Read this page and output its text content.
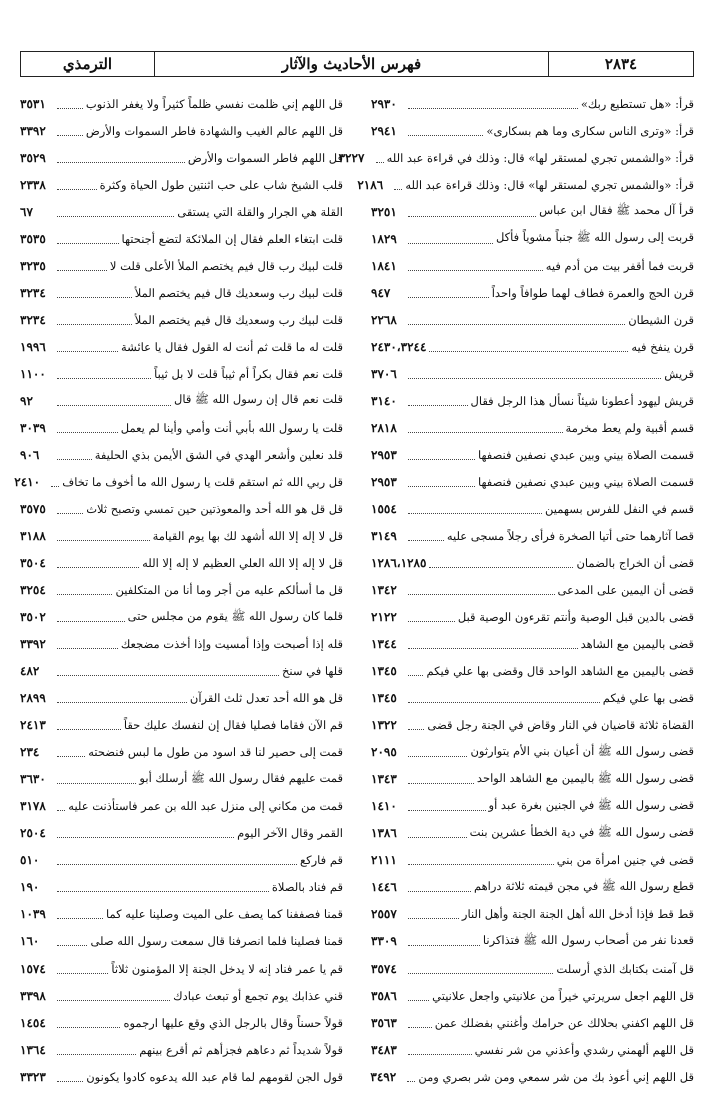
الترمذي	فهرس الأحاديث والآثار	٢٨٣٤
قرأ: «هل تستطيع ربك»
٢٩٣٠
قرأ: «وترى الناس سكارى وما هم بسكارى»
٢٩٤١
قرأ: «والشمس تجري لمستقر لها» قال: وذلك في قراءة عبد الله
٣٢٢٧
قرأ: «والشمس تجري لمستقر لها» قال: وذلك قراءة عبد الله
٢١٨٦
قرأ آل محمد ﷺ فقال ابن عباس
٣٢٥١
قربت إلى رسول الله ﷺ جنباً مشوياً فأكل
١٨٢٩
قربت فما أقفر بيت من أدم فيه
١٨٤١
قرن الحج والعمرة فطاف لهما طوافاً واحداً
٩٤٧
قرن الشيطان
٢٢٦٨
قرن ينفخ فيه
٢٤٣٠،٣٢٤٤
قريش
٣٧٠٦
قريش ليهود أعطونا شيئاً نسأل هذا الرجل فقال
٣١٤٠
قسم أقبية ولم يعط مخرمة
٢٨١٨
قسمت الصلاة بيني وبين عبدي نصفين فنصفها
٢٩٥٣
قسمت الصلاة بيني وبين عبدي نصفين فنصفها
٢٩٥٣
قسم في النفل للفرس بسهمين
١٥٥٤
قصا آثارهما حتى أتيا الصخرة فرأى رجلاً مسجى عليه
٣١٤٩
قضى أن الخراج بالضمان
١٢٨٦،١٢٨٥
قضى أن اليمين على المدعى
١٣٤٢
قضى بالدين قبل الوصية وأنتم تقرءون الوصية قبل
٢١٢٢
قضى باليمين مع الشاهد
١٣٤٤
قضى باليمين مع الشاهد الواحد قال وقضى بها علي فيكم
١٣٤٥
قضى بها علي فيكم
١٣٤٥
القضاة ثلاثة قاضيان في النار وقاض في الجنة رجل قضى
١٣٢٢
قضى رسول الله ﷺ أن أعيان بني الأم يتوارثون
٢٠٩٥
قضى رسول الله ﷺ باليمين مع الشاهد الواحد
١٣٤٣
قضى رسول الله ﷺ في الجنين بغرة عبد أو
١٤١٠
قضى رسول الله ﷺ في دية الخطأ عشرين بنت
١٣٨٦
قضى في جنين امرأة من بني
٢١١١
قطع رسول الله ﷺ في مجن قيمته ثلاثة دراهم
١٤٤٦
قط قط فإذا أدخل الله أهل الجنة الجنة وأهل النار
٢٥٥٧
قعدنا نفر من أصحاب رسول الله ﷺ فتذاكرنا
٣٣٠٩
قل آمنت بكتابك الذي أرسلت
٣٥٧٤
قل اللهم اجعل سريرتي خيراً من علانيتي واجعل علانيتي
٣٥٨٦
قل اللهم اكفني بحلالك عن حرامك وأغنني بفضلك عمن
٣٥٦٣
قل اللهم ألهمني رشدي وأعذني من شر نفسي
٣٤٨٣
قل اللهم إني أعوذ بك من شر سمعي ومن شر بصري ومن
٣٤٩٢
قل اللهم إني ظلمت نفسي ظلماً كثيراً ولا يغفر الذنوب
٣٥٣١
قل اللهم عالم الغيب والشهادة فاطر السموات والأرض
٣٣٩٢
قل اللهم فاطر السموات والأرض
٣٥٢٩
قلب الشيخ شاب على حب اثنتين طول الحياة وكثرة
٢٣٣٨
القلة هي الجرار والقلة التي يستقى
٦٧
قلت ابتغاء العلم فقال إن الملائكة لتضع أجنحتها
٣٥٣٥
قلت لبيك رب قال فيم يختصم الملأ الأعلى قلت لا
٣٢٣٥
قلت لبيك رب وسعديك قال فيم يختصم الملأ
٣٢٣٤
قلت لبيك رب وسعديك قال فيم يختصم الملأ
٣٢٣٤
قلت له ما قلت ثم أنت له القول فقال يا عائشة
١٩٩٦
قلت نعم فقال بكراً أم ثيباً قلت لا بل ثيباً
١١٠٠
قلت نعم قال إن رسول الله ﷺ قال
٩٢
قلت يا رسول الله بأبي أنت وأمي وأينا لم يعمل
٣٠٣٩
قلد نعلين وأشعر الهدي في الشق الأيمن بذي الحليفة
٩٠٦
قل ربي الله ثم استقم قلت يا رسول الله ما أخوف ما تخاف
٢٤١٠
قل قل هو الله أحد والمعوذتين حين تمسي وتصبح ثلاث
٣٥٧٥
قل لا إله إلا الله أشهد لك بها يوم القيامة
٣١٨٨
قل لا إله إلا الله العلي العظيم لا إله إلا الله
٣٥٠٤
قل ما أسألكم عليه من أجر وما أنا من المتكلفين
٣٢٥٤
قلما كان رسول الله ﷺ يقوم من مجلس حتى
٣٥٠٢
قله إذا أصبحت وإذا أمسيت وإذا أخذت مضجعك
٣٣٩٢
قلها في سنخ
٤٨٢
قل هو الله أحد تعدل ثلث القرآن
٢٨٩٩
قم الآن فقاما فصليا فقال إن لنفسك عليك حقاً
٢٤١٣
قمت إلى حصير لنا قد اسود من طول ما لبس فنضحته
٢٣٤
قمت عليهم فقال رسول الله ﷺ أرسلك أبو
٣٦٣٠
قمت من مكاني إلى منزل عبد الله بن عمر فاستأذنت عليه
٣١٧٨
القمر وقال الآخر اليوم
٢٥٠٤
قم فاركع
٥١٠
قم فناد بالصلاة
١٩٠
قمنا فصففنا كما يصف على الميت وصلينا عليه كما
١٠٣٩
قمنا فصلينا فلما انصرفنا قال سمعت رسول الله صلى
١٦٠
قم يا عمر فناد إنه لا يدخل الجنة إلا المؤمنون ثلاثاً
١٥٧٤
قني عذابك يوم تجمع أو تبعث عبادك
٣٣٩٨
قولاً حسناً وقال بالرجل الذي وقع عليها ارجموه
١٤٥٤
قولاً شديداً ثم دعاهم فجزأهم ثم أقرع بينهم
١٣٦٤
قول الجن لقومهم لما قام عبد الله يدعوه كادوا يكونون
٣٣٢٣
